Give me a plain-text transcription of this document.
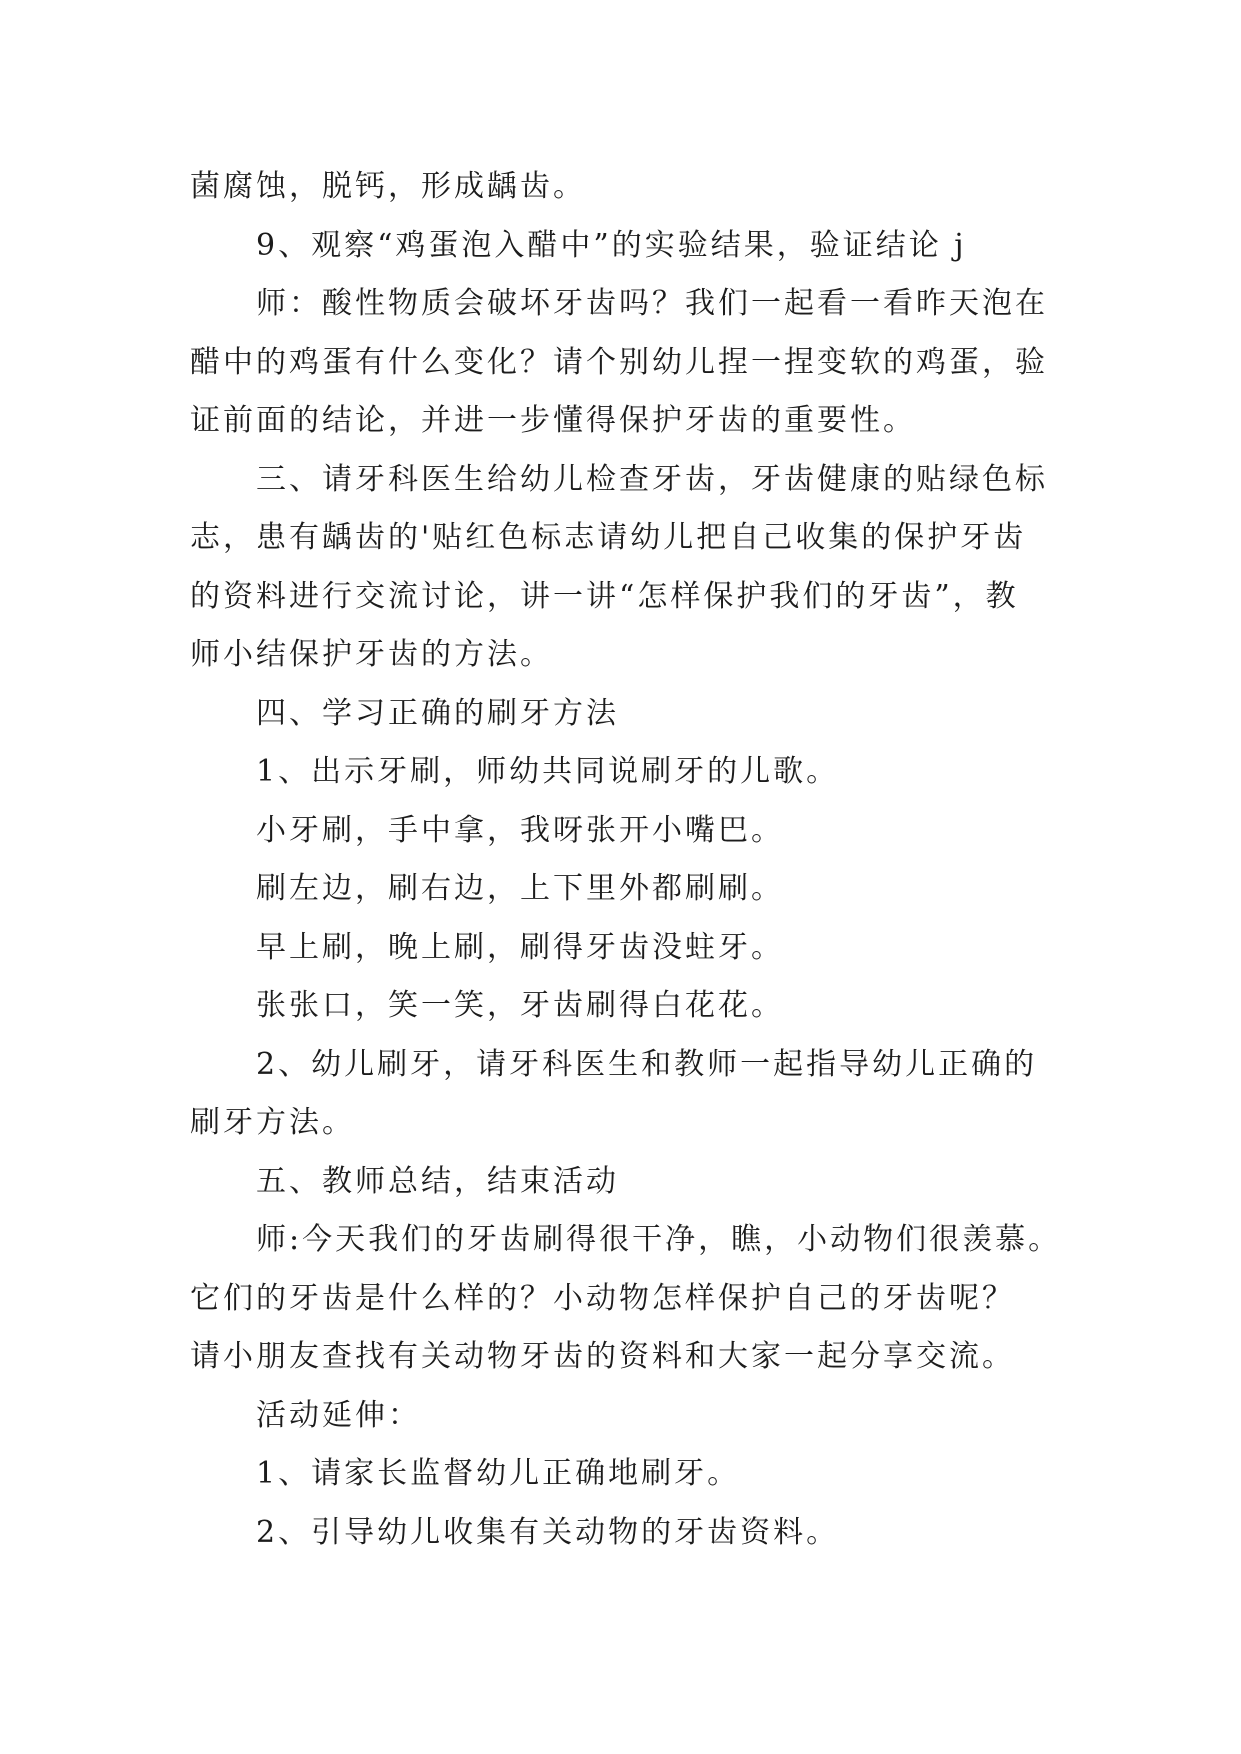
菌腐蚀，脱钙，形成龋齿。
9、观察“鸡蛋泡入醋中”的实验结果，验证结论 j
师：酸性物质会破坏牙齿吗？我们一起看一看昨天泡在
醋中的鸡蛋有什么变化？请个别幼儿捏一捏变软的鸡蛋，验
证前面的结论，并进一步懂得保护牙齿的重要性。
三、请牙科医生给幼儿检查牙齿，牙齿健康的贴绿色标
志，患有龋齿的'贴红色标志请幼儿把自己收集的保护牙齿
的资料进行交流讨论，讲一讲“怎样保护我们的牙齿”，教
师小结保护牙齿的方法。
四、学习正确的刷牙方法
1、出示牙刷，师幼共同说刷牙的儿歌。
小牙刷，手中拿，我呀张开小嘴巴。
刷左边，刷右边，上下里外都刷刷。
早上刷，晚上刷，刷得牙齿没蛀牙。
张张口，笑一笑，牙齿刷得白花花。
2、幼儿刷牙，请牙科医生和教师一起指导幼儿正确的
刷牙方法。
五、教师总结，结束活动
师:今天我们的牙齿刷得很干净，瞧，小动物们很羡慕。
它们的牙齿是什么样的？小动物怎样保护自己的牙齿呢？
请小朋友查找有关动物牙齿的资料和大家一起分享交流。
活动延伸：
1、请家长监督幼儿正确地刷牙。
2、引导幼儿收集有关动物的牙齿资料。
